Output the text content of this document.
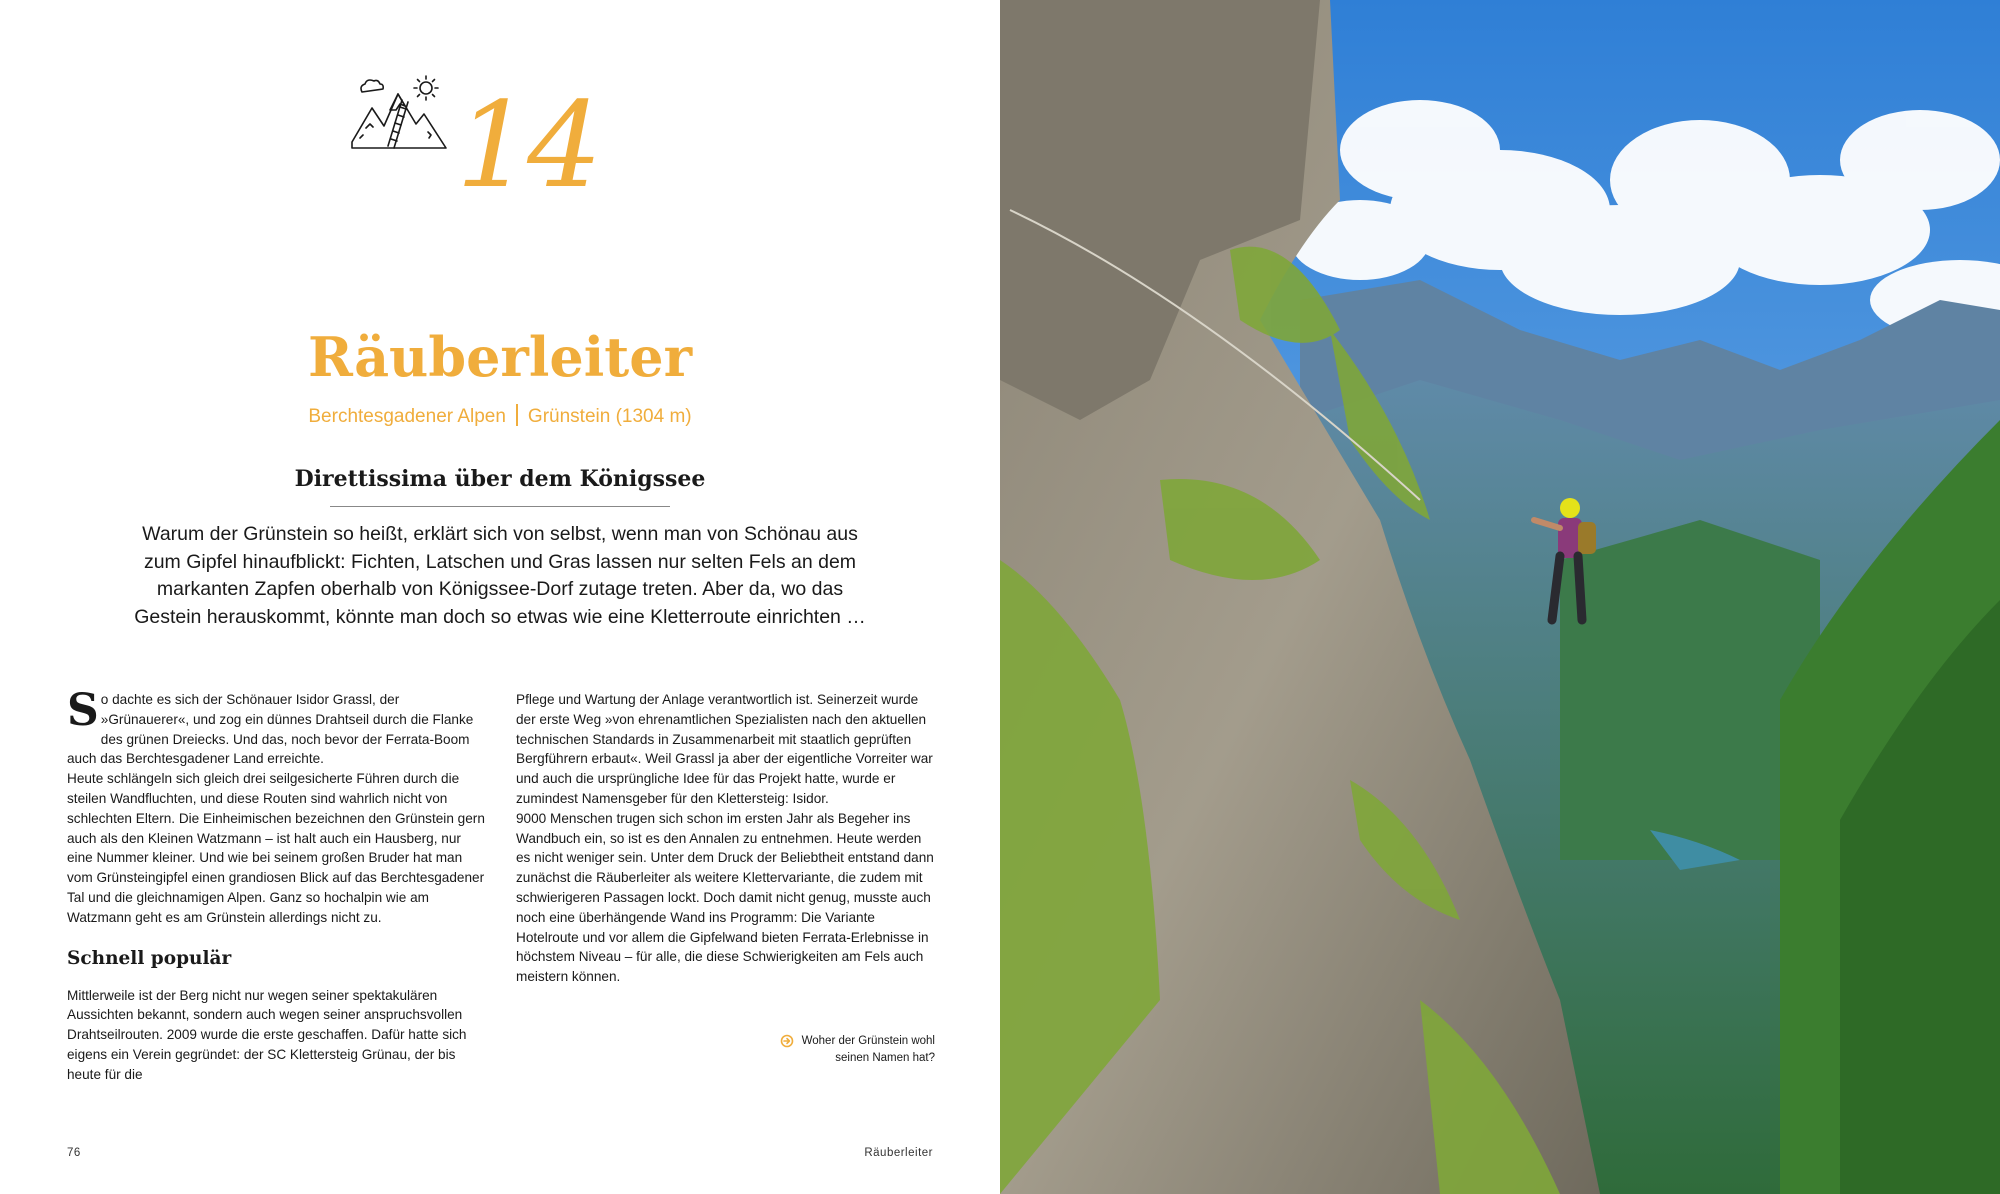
14
Räuberleiter
Berchtesgadener Alpen Grünstein (1304 m)
Direttissima über dem Königssee

Warum der Grünstein so heißt, erklärt sich von selbst, wenn man von Schönau aus zum Gipfel hinaufblickt: Fichten, Latschen und Gras lassen nur selten Fels an dem markanten Zapfen oberhalb von Königssee-Dorf zutage treten. Aber da, wo das Gestein herauskommt, könnte man doch so etwas wie eine Kletterroute einrichten …

So dachte es sich der Schönauer Isidor Grassl, der »Grünauerer«, und zog ein dünnes Drahtseil durch die Flanke des grünen Dreiecks. Und das, noch bevor der Ferrata-Boom auch das Berchtesgadener Land erreichte.

Heute schlängeln sich gleich drei seilgesicherte Führen durch die steilen Wandfluchten, und diese Routen sind wahrlich nicht von schlechten Eltern. Die Einheimischen bezeichnen den Grünstein gern auch als den Kleinen Watzmann – ist halt auch ein Hausberg, nur eine Nummer kleiner. Und wie bei seinem großen Bruder hat man vom Grünsteingipfel einen grandiosen Blick auf das Berchtesgadener Tal und die gleichnamigen Alpen. Ganz so hochalpin wie am Watzmann geht es am Grünstein allerdings nicht zu.

Schnell populär

Mittlerweile ist der Berg nicht nur wegen seiner spektakulären Aussichten bekannt, sondern auch wegen seiner anspruchsvollen Drahtseilrouten. 2009 wurde die erste geschaffen. Dafür hatte sich eigens ein Verein gegründet: der SC Klettersteig Grünau, der bis heute für die

Pflege und Wartung der Anlage verantwortlich ist. Seinerzeit wurde der erste Weg »von ehrenamtlichen Spezialisten nach den aktuellen technischen Standards in Zusammenarbeit mit staatlich geprüften Bergführern erbaut«. Weil Grassl ja aber der eigentliche Vorreiter war und auch die ursprüngliche Idee für das Projekt hatte, wurde er zumindest Namensgeber für den Klettersteig: Isidor.

9000 Menschen trugen sich schon im ersten Jahr als Begeher ins Wandbuch ein, so ist es den Annalen zu entnehmen. Heute werden es nicht weniger sein. Unter dem Druck der Beliebtheit entstand dann zunächst die Räuberleiter als weitere Klettervariante, die zudem mit schwierigeren Passagen lockt. Doch damit nicht genug, musste auch noch eine überhängende Wand ins Programm: Die Variante Hotelroute und vor allem die Gipfelwand bieten Ferrata-Erlebnisse in höchstem Niveau – für alle, die diese Schwierigkeiten am Fels auch meistern können.

Woher der Grünstein wohl seinen Namen hat?
76	Räuberleiter
